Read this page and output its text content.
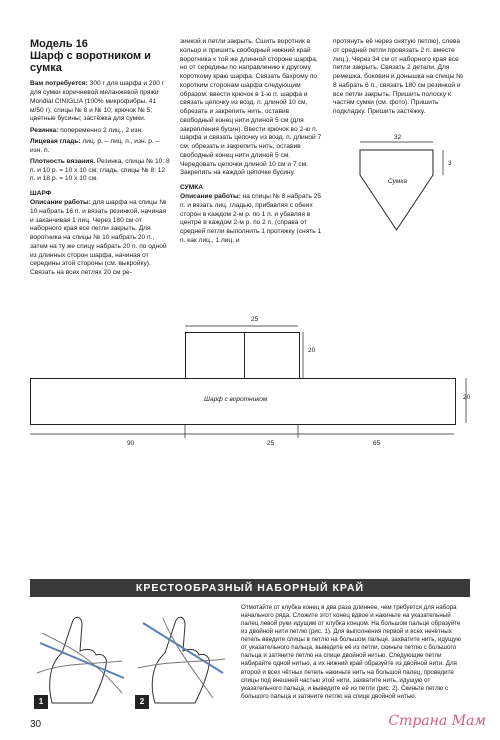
Модель 16
Шарф с воротником и сумка

Вам потребуется: 300 г для шарфа и 200 г для сумки коричневой меланжевой пряжи Mondial CINIGLIA (100% микрофибры, 41 м/50 г); спицы № 8 и № 10; крючок № 5; цветные бусины; застёжка для сумки.

Резинка: попеременно 2 лиц., 2 изн.

Лицевая гладь: лиц. р. – лиц. п., изн. р. – изн. п.

Плотность вязания. Резинка, спицы № 10: 8 п. и 10 р. = 10 х 10 см; гладь, спицы № 8: 12 п. и 18 р. = 10 х 10 см.

ШАРФ

Описание работы: для шарфа на спицы № 10 набрать 16 п. и вязать резинкой, начиная и заканчивая 1 лиц. Через 180 см от наборного края все петли закрыть. Для воротника на спицы № 10 набрать 20 п., затем на ту же спицу набрать 20 п. по одной из длинных сторон шарфа, начиная от середины этой стороны (см. выкройку). Связать на всех петлях 20 см ре-

зинкой и петли закрыть. Сшить воротник в кольцо и пришить свободный нижний край воротника к той же длинной стороне шарфа, но от середины по направлению к другому короткому краю шарфа. Связать бахрому по коротким сторонам шарфа следующим образом: ввести крючок в 1-ю п. шарфа и связать цепочку из возд. п. длиной 10 см, обрезать и закрепить нить, оставив свободный конец нити длиной 5 см (для закрепления бусин). Ввести крючок во 2-ю п. шарфа и связать цепочку из возд. п. длиной 7 см, обрезать и закрепить нить, оставив свободный конец нити длиной 5 см. Чередовать цепочки длиной 10 см и 7 см. Закрепить на каждой цепочке бусину.

СУМКА

Описание работы: на спицы № 8 набрать 25 п. и вязать лиц. гладью, прибавляя с обеих сторон в каждом 2-м р. по 1 п. и убавляя в центре в каждом 2-м р. по 2 п. (справа от средней петли выполнить 1 протяжку (снять 1 п. как лиц., 1 лиц. и

протянуть её через снятую петлю), слева от средней петли провязать 2 п. вместе лиц.). Через 34 см от наборного края все петли закрыть. Связать 2 детали. Для ремешка, боковин и донышка на спицы № 8 набрать 6 п., связать 180 см резинкой и все петли закрыть. Пришить полоску к частям сумки (см. фото). Пришить подкладку. Пришить застёжку.

32
3
Сумка
25
20
Шарф с воротником	20
90	25	65
КРЕСТООБРАЗНЫЙ НАБОРНЫЙ КРАЙ
1	2

Отмотайте от клубка конец в два раза длиннее, чем требуется для набора начального ряда. Сложите этот конец вдвое и накиньте на указательный палец левой руки идущим от клубка концом. На большом пальце образуйте из двойной нити петлю (рис. 1). Для выполнения первой и всех нечётных петель введите спицы в петлю на большом пальце, захватите нить, идущую от указательного пальца, выведите её из петли, скиньте петлю с большого пальца и затяните петлю на спице двойной нитью. Следующие петли набирайте одной нитью, а их нижний край образуйте из двойной нити. Для второй и всех чётных петель накиньте нить на большой палец, проведите спицы под внешней частью этой нити, захватите нить, идущую от указательного пальца, и выведите её из петли (рис. 2). Скиньте петлю с большого пальца и затяните петлю на спице двойной нитью.

30	Страна Мам
